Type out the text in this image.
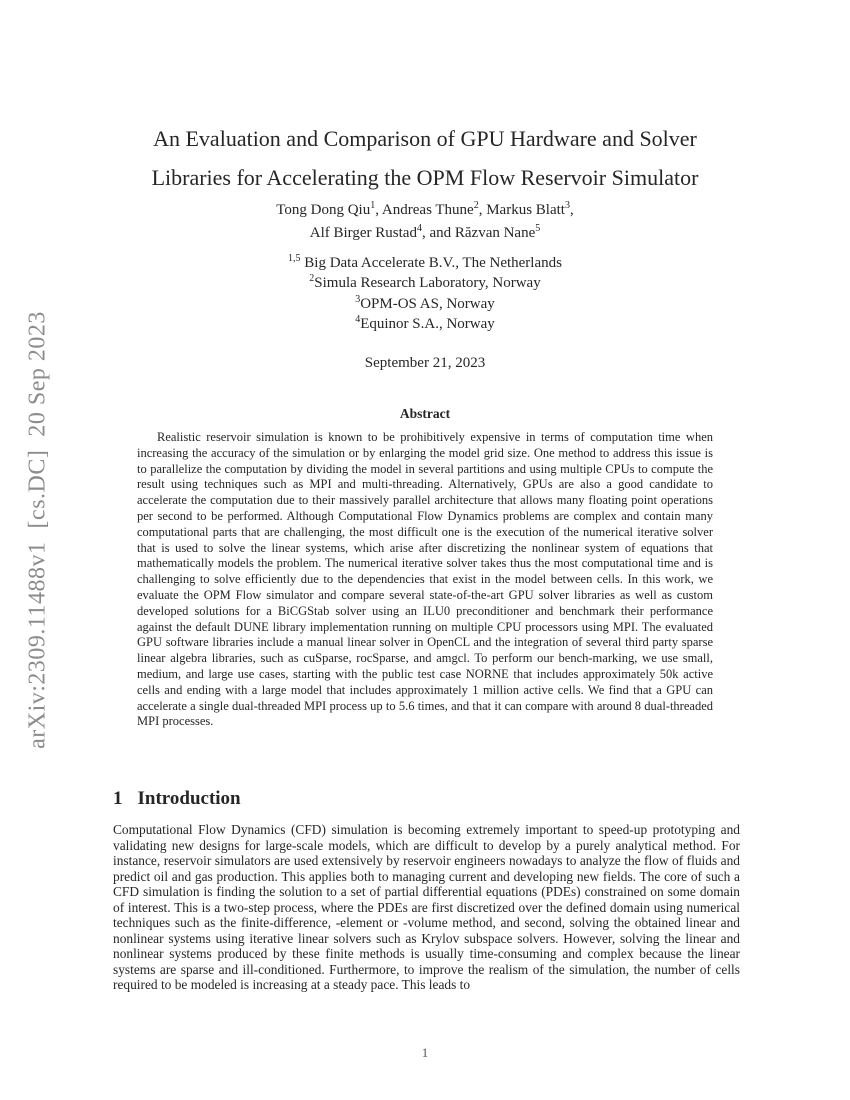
arXiv:2309.11488v1  [cs.DC]  20 Sep 2023
An Evaluation and Comparison of GPU Hardware and Solver
Libraries for Accelerating the OPM Flow Reservoir Simulator
Tong Dong Qiu$^1$, Andreas Thune$^2$, Markus Blatt$^3$,
Alf Birger Rustad$^4$, and Răzvan Nane$^5$
$^{1,5}$ Big Data Accelerate B.V., The Netherlands
$^2$Simula Research Laboratory, Norway
$^3$OPM-OS AS, Norway
$^4$Equinor S.A., Norway
September 21, 2023
Abstract
Realistic reservoir simulation is known to be prohibitively expensive in terms of computation time when increasing the accuracy of the simulation or by enlarging the model grid size. One method to address this issue is to parallelize the computation by dividing the model in several partitions and using multiple CPUs to compute the result using techniques such as MPI and multi-threading. Alternatively, GPUs are also a good candidate to accelerate the computation due to their massively parallel architecture that allows many floating point operations per second to be performed. Although Computational Flow Dynamics problems are complex and contain many computational parts that are challenging, the most difficult one is the execution of the numerical iterative solver that is used to solve the linear systems, which arise after discretizing the nonlinear system of equations that mathematically models the problem. The numerical iterative solver takes thus the most computational time and is challenging to solve efficiently due to the dependencies that exist in the model between cells. In this work, we evaluate the OPM Flow simulator and compare several state-of-the-art GPU solver libraries as well as custom developed solutions for a BiCGStab solver using an ILU0 preconditioner and benchmark their performance against the default DUNE library implementation running on multiple CPU processors using MPI. The evaluated GPU software libraries include a manual linear solver in OpenCL and the integration of several third party sparse linear algebra libraries, such as cuSparse, rocSparse, and amgcl. To perform our bench-marking, we use small, medium, and large use cases, starting with the public test case NORNE that includes approximately 50k active cells and ending with a large model that includes approximately 1 million active cells. We find that a GPU can accelerate a single dual-threaded MPI process up to 5.6 times, and that it can compare with around 8 dual-threaded MPI processes.
1 Introduction
Computational Flow Dynamics (CFD) simulation is becoming extremely important to speed-up prototyping and validating new designs for large-scale models, which are difficult to develop by a purely analytical method. For instance, reservoir simulators are used extensively by reservoir engineers nowadays to analyze the flow of fluids and predict oil and gas production. This applies both to managing current and developing new fields. The core of such a CFD simulation is finding the solution to a set of partial differential equations (PDEs) constrained on some domain of interest. This is a two-step process, where the PDEs are first discretized over the defined domain using numerical techniques such as the finite-difference, -element or -volume method, and second, solving the obtained linear and nonlinear systems using iterative linear solvers such as Krylov subspace solvers. However, solving the linear and nonlinear systems produced by these finite methods is usually time-consuming and complex because the linear systems are sparse and ill-conditioned. Furthermore, to improve the realism of the simulation, the number of cells required to be modeled is increasing at a steady pace. This leads to
1
